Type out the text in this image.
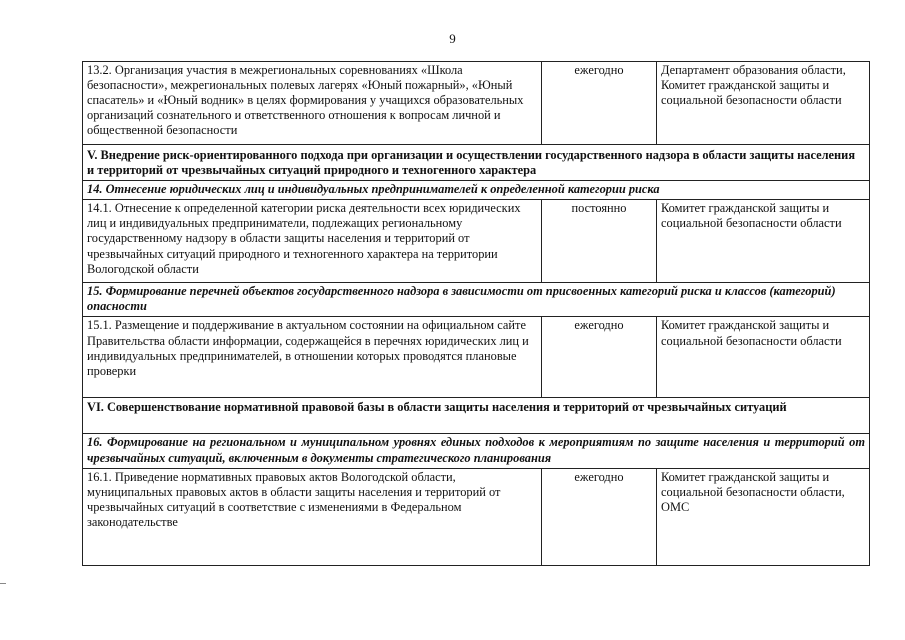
9
13.2. Организация участия в межрегиональных соревнованиях «Школа безопасности», межрегиональных полевых лагерях «Юный пожарный», «Юный спасатель» и «Юный водник» в целях формирования у учащихся образовательных организаций сознательного и ответственного отношения к вопросам личной и общественной безопасности	ежегодно	Департамент образования области, Комитет гражданской защиты и социальной безопасности области
V. Внедрение риск-ориентированного подхода при организации и осуществлении государственного надзора в области защиты населения и территорий от чрезвычайных ситуаций природного и техногенного характера		
14. Отнесение юридических лиц и индивидуальных предпринимателей к определенной категории риска		
14.1. Отнесение к определенной категории риска деятельности всех юридических лиц и индивидуальных предприниматели, подлежащих региональному государственному надзору в области защиты населения и территорий от чрезвычайных ситуаций природного и техногенного характера на территории Вологодской области	постоянно	Комитет гражданской защиты и социальной безопасности области
15. Формирование перечней объектов государственного надзора в зависимости от присвоенных категорий риска и классов (категорий) опасности		
15.1. Размещение и поддерживание в актуальном состоянии на официальном сайте Правительства области информации, содержащейся в перечнях юридических лиц и индивидуальных предпринимателей, в отношении которых проводятся плановые проверки	ежегодно	Комитет гражданской защиты и социальной безопасности области
VI. Совершенствование нормативной правовой базы в области защиты населения и территорий от чрезвычайных ситуаций		
16. Формирование на региональном и муниципальном уровнях единых подходов к мероприятиям по защите населения и территорий от чрезвычайных ситуаций, включенным в документы стратегического планирования		
16.1. Приведение нормативных правовых актов Вологодской области, муниципальных правовых актов в области защиты населения и территорий от чрезвычайных ситуаций в соответствие с изменениями в Федеральном законодательстве	ежегодно	Комитет гражданской защиты и социальной безопасности области, ОМС
